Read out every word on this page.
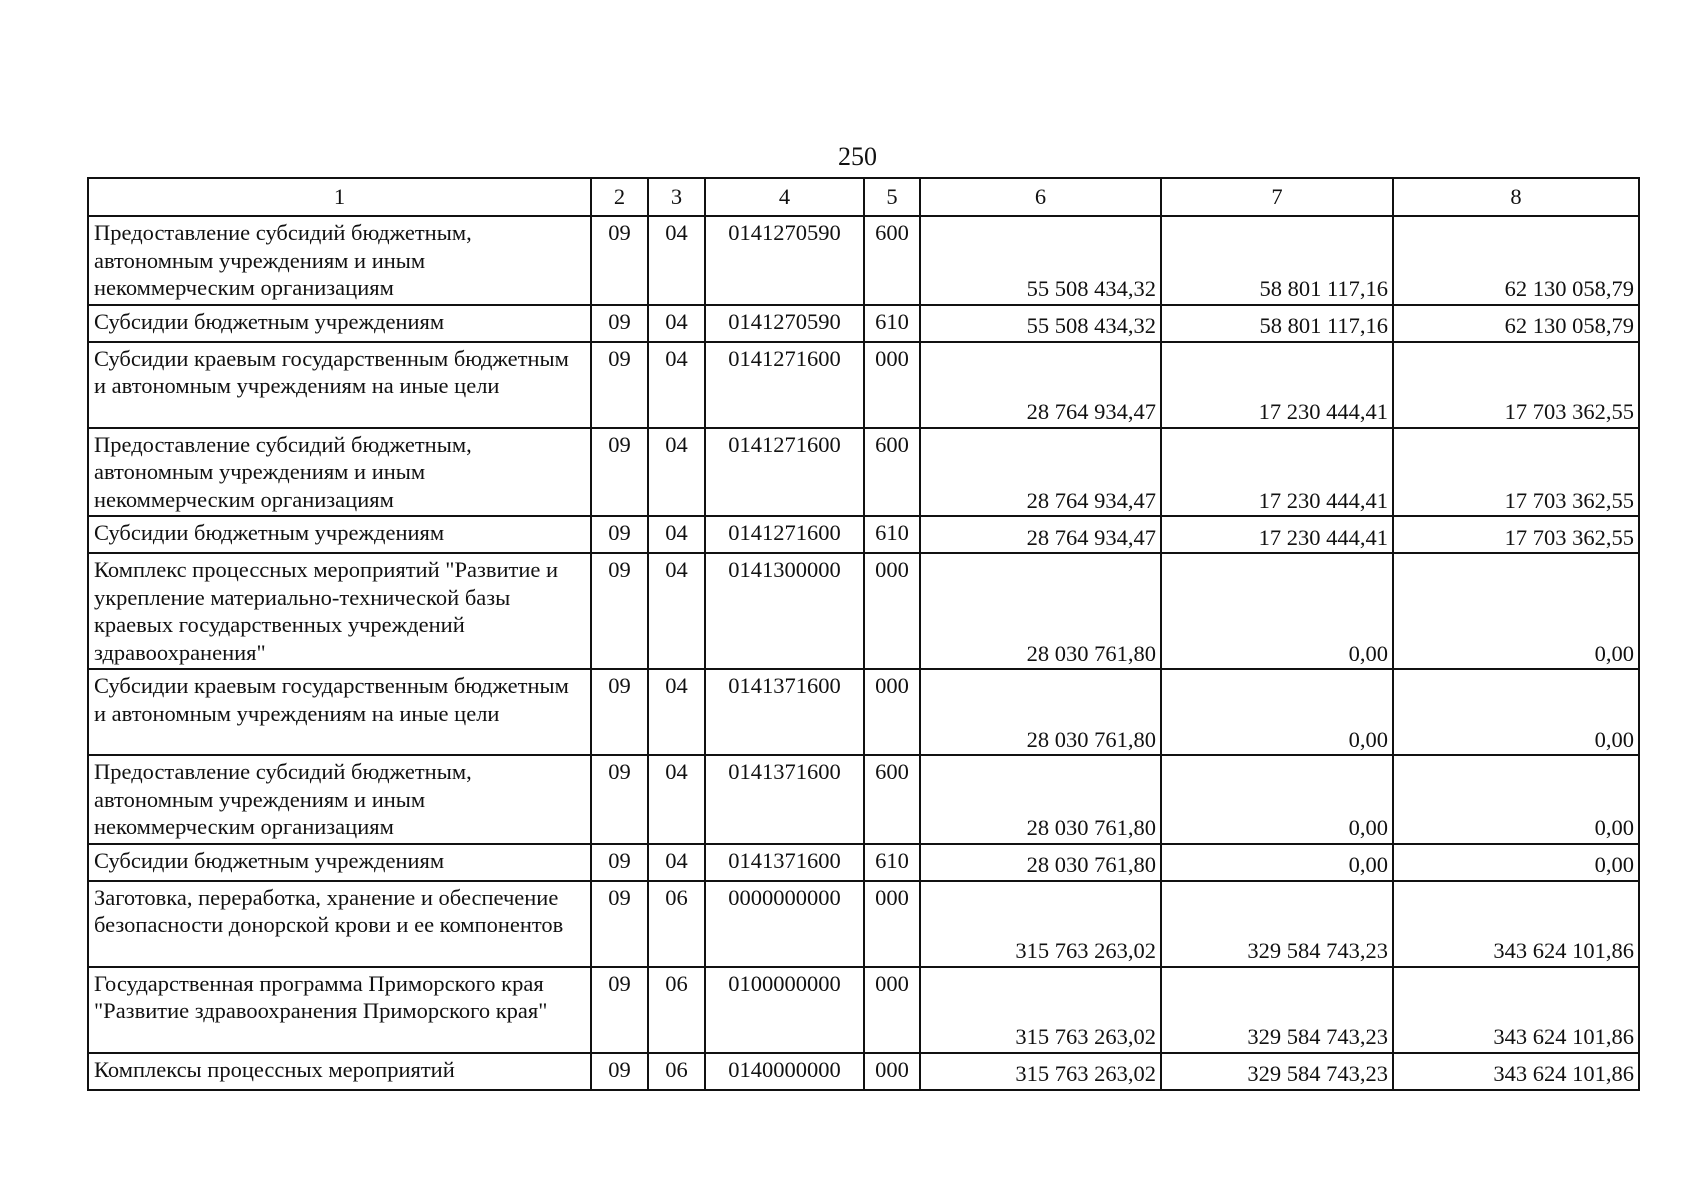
250
1	2	3	4	5	6	7	8
Предоставление субсидий бюджетным, автономным учреждениям и иным некоммерческим организациям	09	04	0141270590	600	55 508 434,32	58 801 117,16	62 130 058,79
Субсидии бюджетным учреждениям	09	04	0141270590	610	55 508 434,32	58 801 117,16	62 130 058,79
Субсидии краевым государственным бюджетным и автономным учреждениям на иные цели	09	04	0141271600	000	28 764 934,47	17 230 444,41	17 703 362,55
Предоставление субсидий бюджетным, автономным учреждениям и иным некоммерческим организациям	09	04	0141271600	600	28 764 934,47	17 230 444,41	17 703 362,55
Субсидии бюджетным учреждениям	09	04	0141271600	610	28 764 934,47	17 230 444,41	17 703 362,55
Комплекс процессных мероприятий "Развитие и укрепление материально-технической базы краевых государственных учреждений здравоохранения"	09	04	0141300000	000	28 030 761,80	0,00	0,00
Субсидии краевым государственным бюджетным и автономным учреждениям на иные цели	09	04	0141371600	000	28 030 761,80	0,00	0,00
Предоставление субсидий бюджетным, автономным учреждениям и иным некоммерческим организациям	09	04	0141371600	600	28 030 761,80	0,00	0,00
Субсидии бюджетным учреждениям	09	04	0141371600	610	28 030 761,80	0,00	0,00
Заготовка, переработка, хранение и обеспечение безопасности донорской крови и ее компонентов	09	06	0000000000	000	315 763 263,02	329 584 743,23	343 624 101,86
Государственная программа Приморского края "Развитие здравоохранения Приморского края"	09	06	0100000000	000	315 763 263,02	329 584 743,23	343 624 101,86
Комплексы процессных мероприятий	09	06	0140000000	000	315 763 263,02	329 584 743,23	343 624 101,86
